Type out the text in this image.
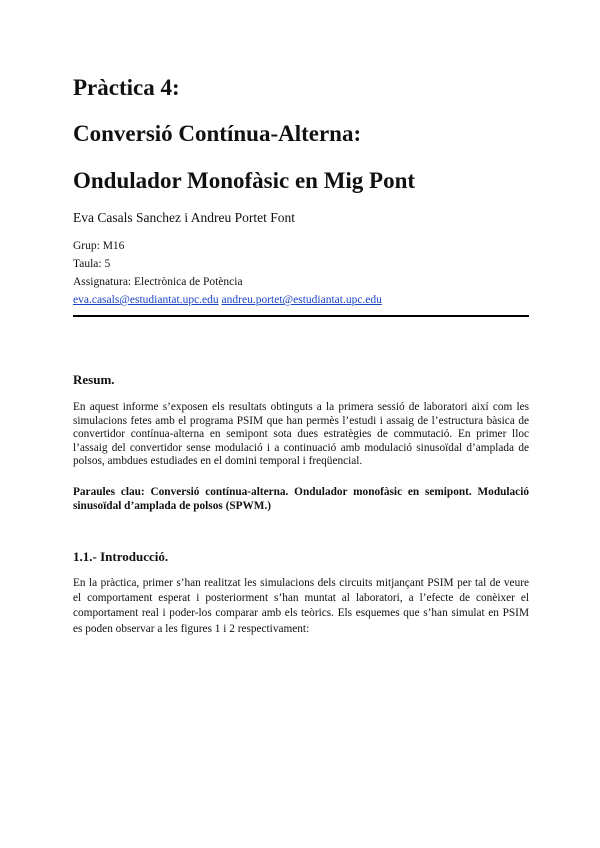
Pràctica 4:
Conversió Contínua-Alterna:
Ondulador Monofàsic en Mig Pont
Eva Casals Sanchez i Andreu Portet Font
Grup: M16
Taula: 5
Assignatura: Electrònica de Potència
eva.casals@estudiantat.upc.edu andreu.portet@estudiantat.upc.edu
Resum.

En aquest informe s’exposen els resultats obtinguts a la primera sessió de laboratori així com les simulacions fetes amb el programa PSIM que han permès l’estudi i assaig de l’estructura bàsica de convertidor contínua-alterna en semipont sota dues estratègies de commutació. En primer lloc l’assaig del convertidor sense modulació i a continuació amb modulació sinusoïdal d’amplada de polsos, ambdues estudiades en el domini temporal i freqüencial.

Paraules clau: Conversió contínua-alterna. Ondulador monofàsic en semipont. Modulació sinusoïdal d’amplada de polsos (SPWM.)

1.1.- Introducció.

En la pràctica, primer s’han realitzat les simulacions dels circuits mitjançant PSIM per tal de veure el comportament esperat i posteriorment s’han muntat al laboratori, a l’efecte de conèixer el comportament real i poder-los comparar amb els teòrics. Els esquemes que s’han simulat en PSIM es poden observar a les figures 1 i 2 respectivament:
